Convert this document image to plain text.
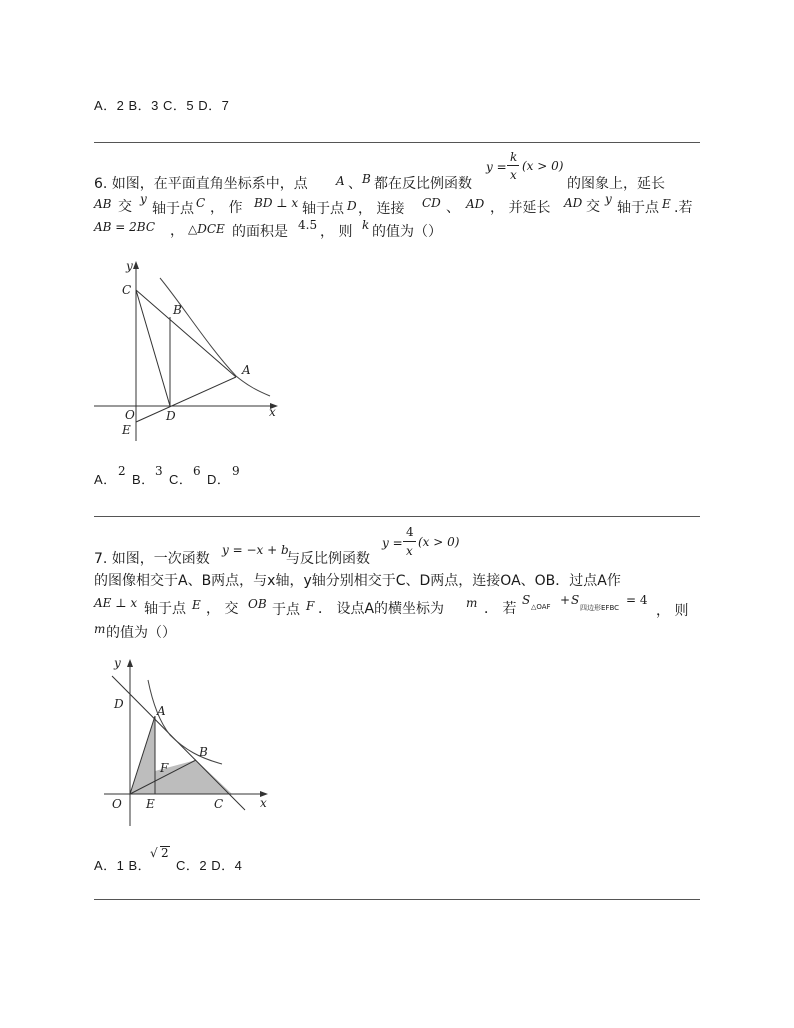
A．2 B．3 C．5 D．7
6. 如图，在平面直角坐标系中，点 A 、 B 都在反比例函数
y =
k
x
(x > 0)
的图象上，延长
AB 交 y
轴于点 C ， 作 BD ⊥ x 轴于点 D ， 连接 CD 、 AD ， 并延长 AD 交 y
轴于点 E .若
AB = 2BC ， △DCE 的面积是 4.5 ， 则 k 的值为（）
y
x
C
B
A
O	D
E
A．
2
B．
3
C．
6
D．
9
7. 如图，一次函数
y = −x + b
与反比例函数
y =
4
x
(x > 0)
的图像相交于A、B两点，与x轴，y轴分别相交于C、D两点，连接OA、OB．过点A作
AE ⊥ x 轴于点 E ， 交 OB 于点 F ． 设点A的横坐标为 m ． 若
S △OAF + S
四边形EFBC
= 4
， 则
m 的值为（）
y
x
D	A
B
F
O E	C
A．1 B．
√ 2
C．2 D．4
